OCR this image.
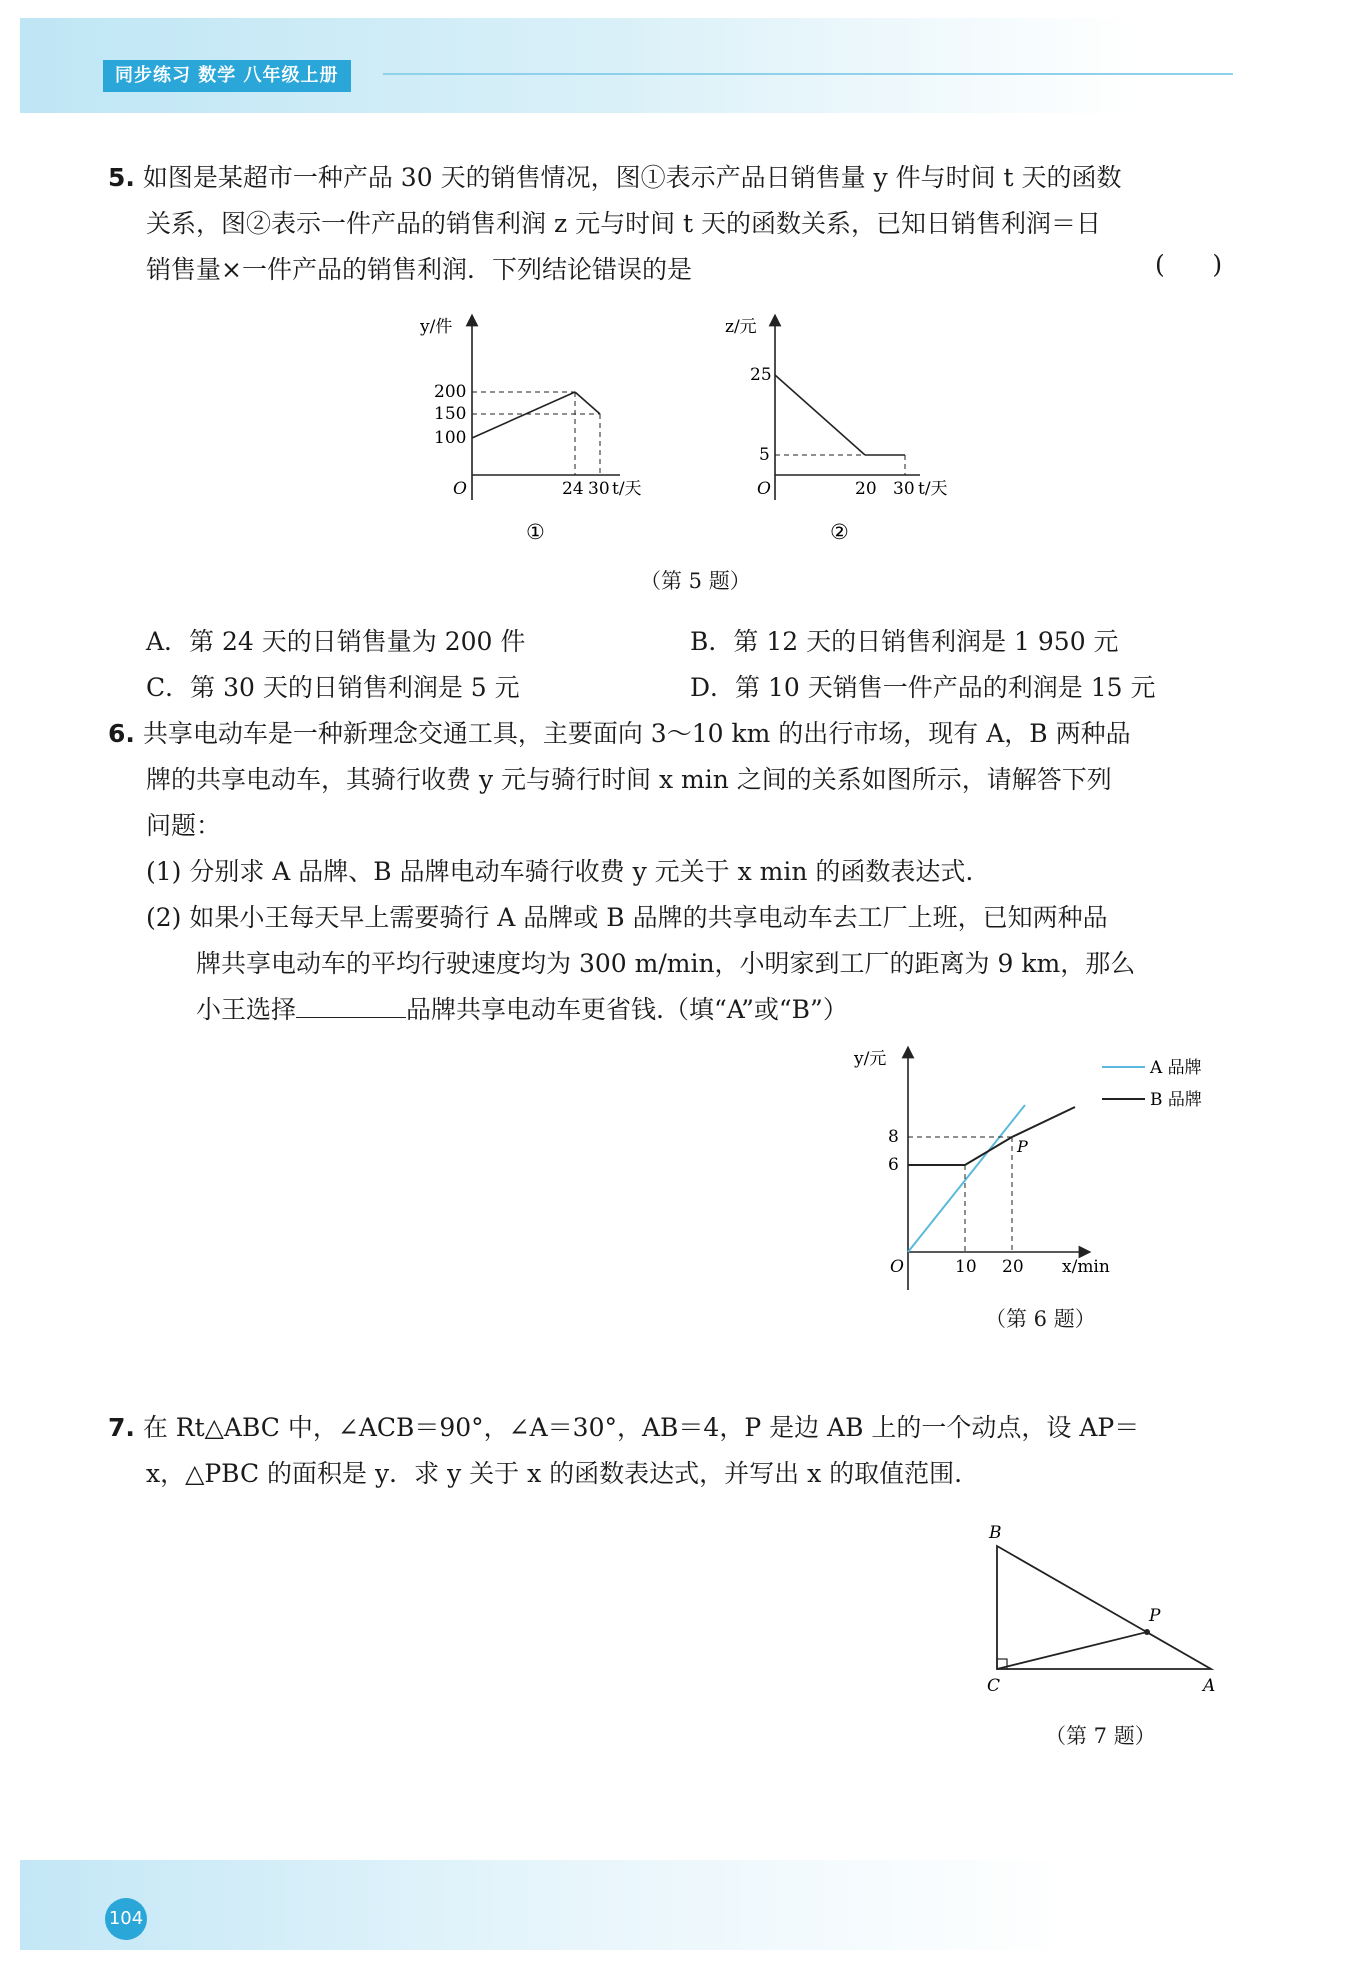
同步练习 数学 八年级上册
5. 如图是某超市一种产品 30 天的销售情况，图①表示产品日销售量 y 件与时间 t 天的函数
关系，图②表示一件产品的销售利润 z 元与时间 t 天的函数关系，已知日销售利润＝日
销售量×一件产品的销售利润．下列结论错误的是	(      )
y/件
200
150
100
O	24 30 t/天
①
z/元
25
5
O	20 30 t/天
②
（第 5 题）
A．第 24 天的日销售量为 200 件	B．第 12 天的日销售利润是 1 950 元
C．第 30 天的日销售利润是 5 元	D．第 10 天销售一件产品的利润是 15 元
6. 共享电动车是一种新理念交通工具，主要面向 3～10 km 的出行市场，现有 A，B 两种品
牌的共享电动车，其骑行收费 y 元与骑行时间 x min 之间的关系如图所示，请解答下列
问题：
(1) 分别求 A 品牌、B 品牌电动车骑行收费 y 元关于 x min 的函数表达式.
(2) 如果小王每天早上需要骑行 A 品牌或 B 品牌的共享电动车去工厂上班，已知两种品
牌共享电动车的平均行驶速度均为 300 m/min，小明家到工厂的距离为 9 km，那么
小王选择	品牌共享电动车更省钱.（填“A”或“B”）
y/元
8
6
O	10 20 x/min
P
A 品牌
B 品牌
（第 6 题）
7. 在 Rt△ABC 中，∠ACB＝90°，∠A＝30°，AB＝4，P 是边 AB 上的一个动点，设 AP＝
x，△PBC 的面积是 y．求 y 关于 x 的函数表达式，并写出 x 的取值范围.
B
C	A
P
（第 7 题）
104
